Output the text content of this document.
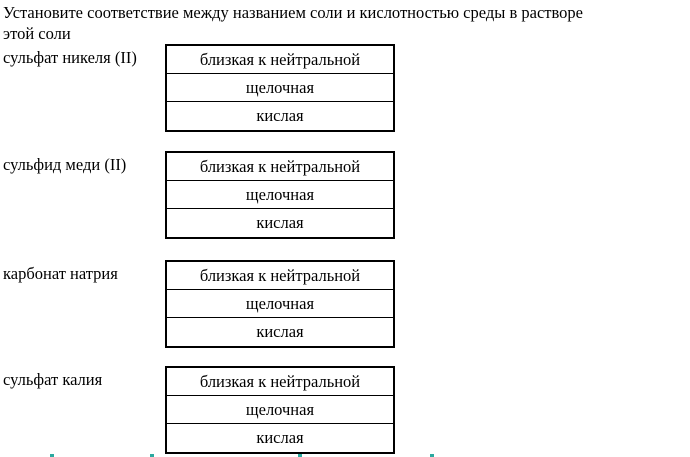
Установите соответствие между названием соли и кислотностью среды в растворе
этой соли
сульфат никеля (II)	близкая к нейтральной
щелочная
кислая
сульфид меди (II)	близкая к нейтральной
щелочная
кислая
карбонат натрия	близкая к нейтральной
щелочная
кислая
сульфат калия	близкая к нейтральной
щелочная
кислая
